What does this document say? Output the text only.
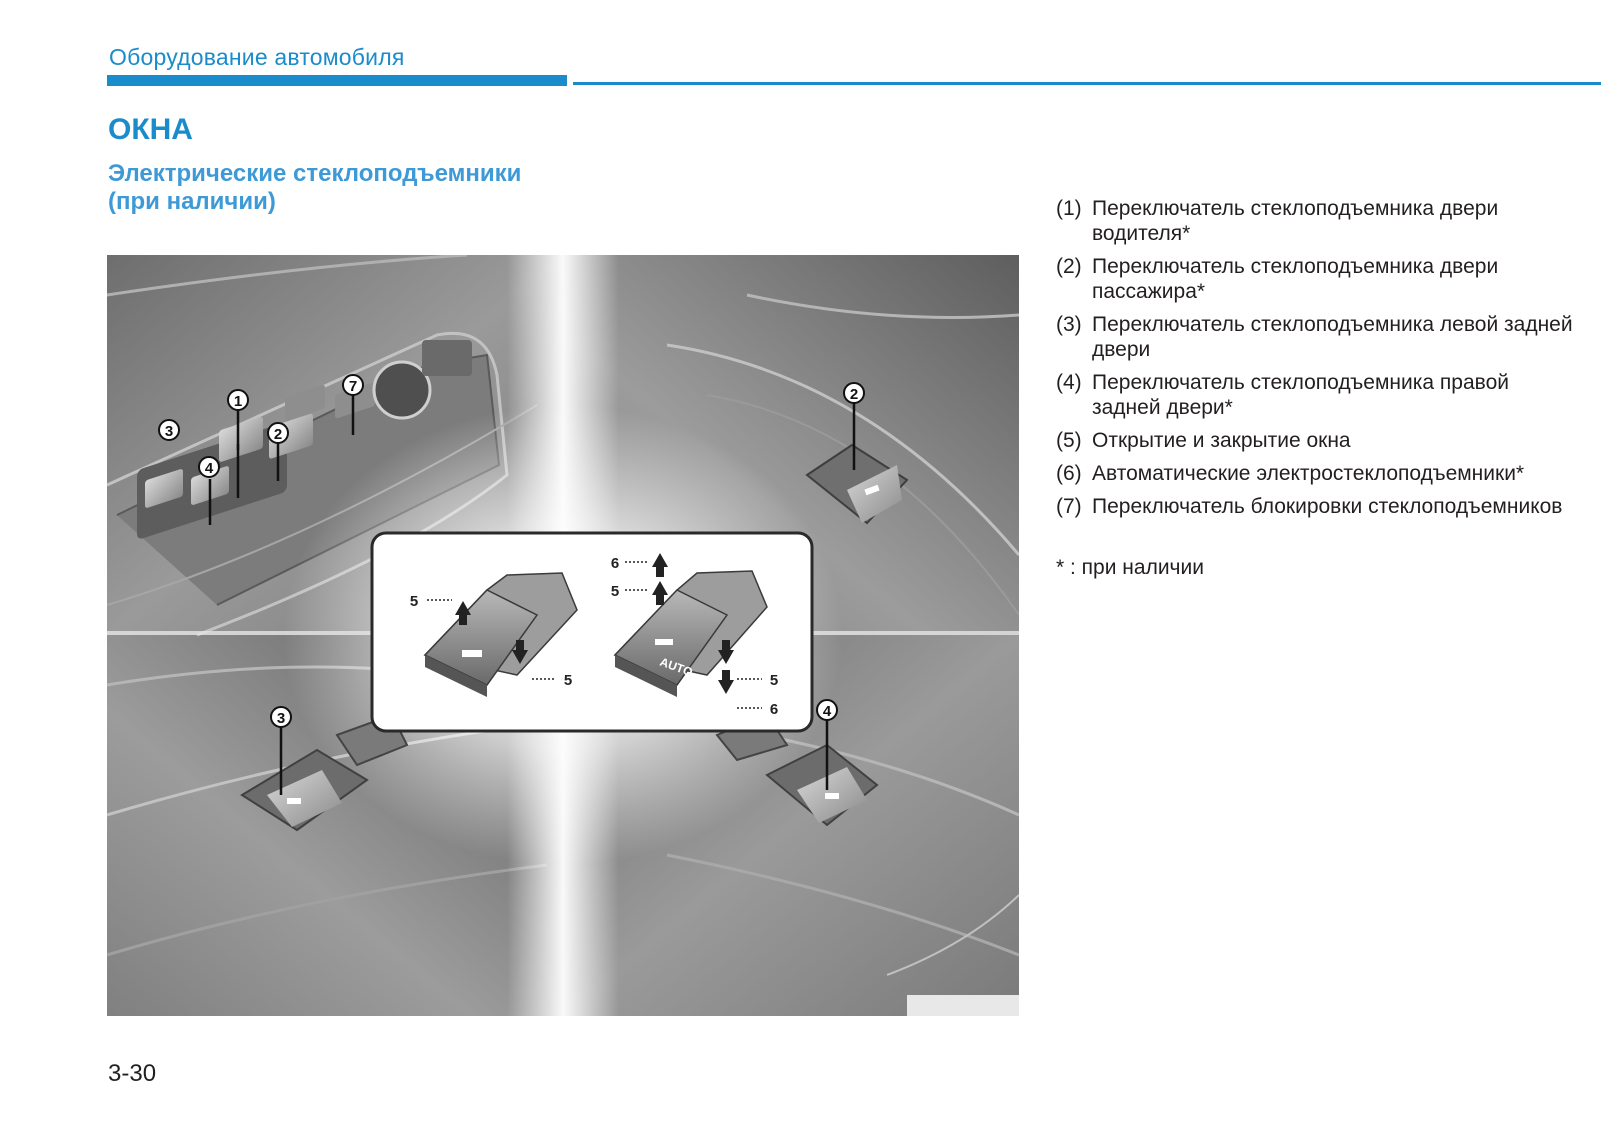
Оборудование автомобиля
ОКНА
Электрические стеклоподъемники
(при наличии)
3
4
1
2
7	2
3	4
AUTO
5
5
6
5
5
6
(1) Переключатель стеклоподъемника двери водителя*
(2) Переключатель стеклоподъемника двери пассажира*
(3) Переключатель стеклоподъемника левой задней двери
(4) Переключатель стеклоподъемника правой задней двери*
(5) Открытие и закрытие окна
(6) Автоматические электростеклоподъемники*
(7) Переключатель блокировки стеклоподъемников
* : при наличии
3-30
